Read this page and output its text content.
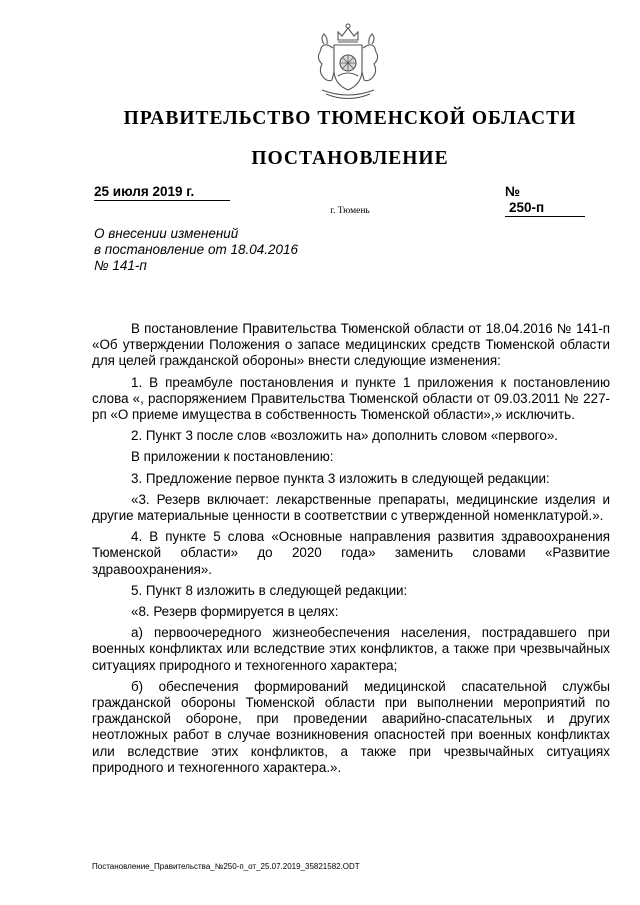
ПРАВИТЕЛЬСТВО ТЮМЕНСКОЙ ОБЛАСТИ
ПОСТАНОВЛЕНИЕ
25 июля 2019 г.	№ 250-п
г. Тюмень
О внесении изменений
в постановление от 18.04.2016
№ 141-п

В постановление Правительства Тюменской области от 18.04.2016 № 141-п «Об утверждении Положения о запасе медицинских средств Тюменской области для целей гражданской обороны» внести следующие изменения:

1. В преамбуле постановления и пункте 1 приложения к постановлению слова «, распоряжением Правительства Тюменской области от 09.03.2011 № 227-рп «О приеме имущества в собственность Тюменской области»,» исключить.

2. Пункт 3 после слов «возложить на» дополнить словом «первого».

В приложении к постановлению:

3. Предложение первое пункта 3 изложить в следующей редакции:

«3. Резерв включает: лекарственные препараты, медицинские изделия и другие материальные ценности в соответствии с утвержденной номенклатурой.».

4. В пункте 5 слова «Основные направления развития здравоохранения Тюменской области» до 2020 года» заменить словами «Развитие здравоохранения».

5. Пункт 8 изложить в следующей редакции:

«8. Резерв формируется в целях:

а) первоочередного жизнеобеспечения населения, пострадавшего при военных конфликтах или вследствие этих конфликтов, а также при чрезвычайных ситуациях природного и техногенного характера;

б) обеспечения формирований медицинской спасательной службы гражданской обороны Тюменской области при выполнении мероприятий по гражданской обороне, при проведении аварийно-спасательных и других неотложных работ в случае возникновения опасностей при военных конфликтах или вследствие этих конфликтов, а также при чрезвычайных ситуациях природного и техногенного характера.».

Постановление_Правительства_№250-п_от_25.07.2019_35821582.ODT
